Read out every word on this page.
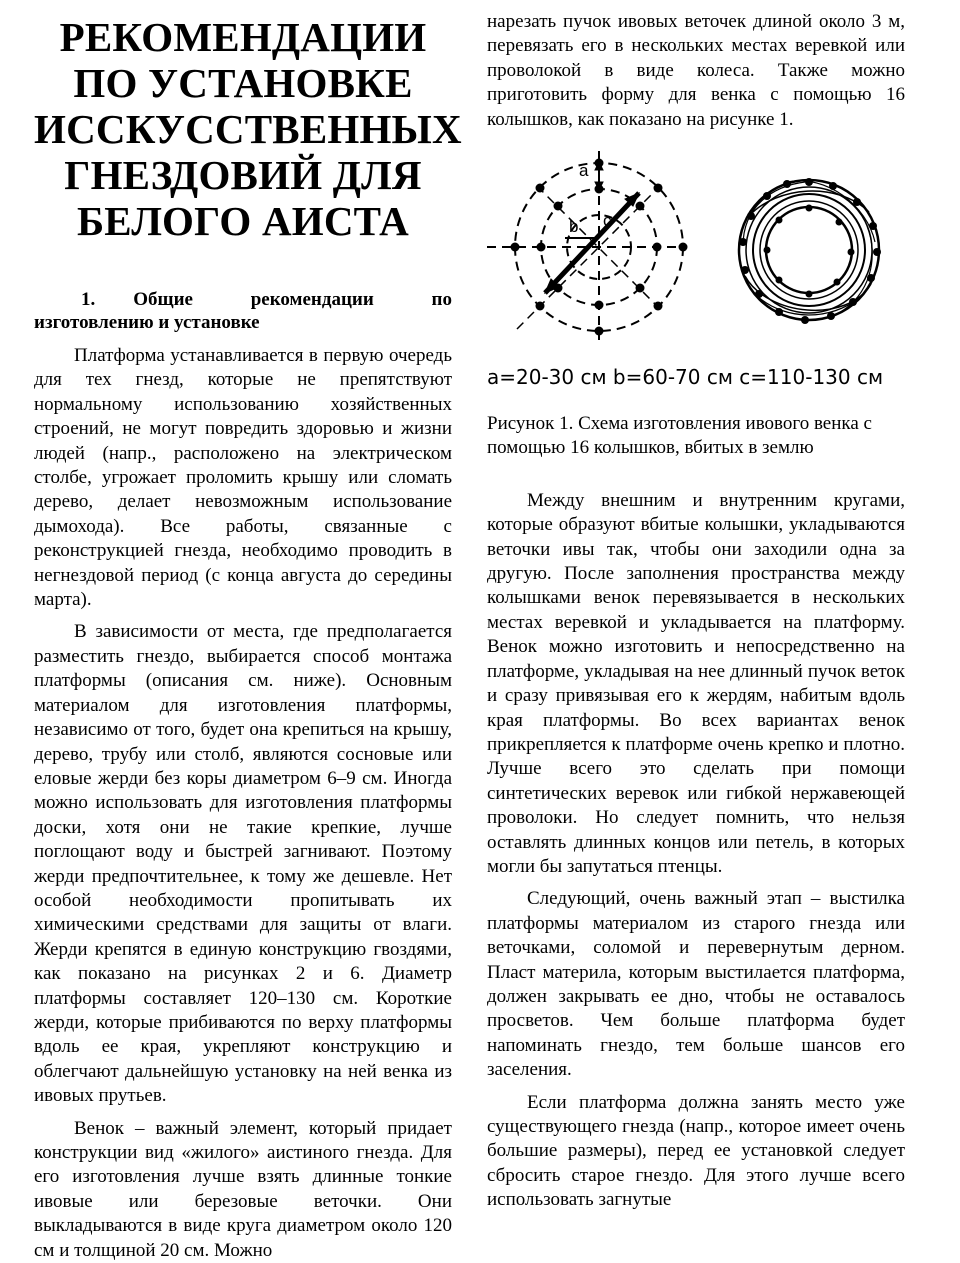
РЕКОМЕНДАЦИИ ПО УСТАНОВКЕ ИССКУССТВЕННЫХ ГНЕЗДОВИЙ ДЛЯ БЕЛОГО АИСТА
1.   Общие	рекомендации	по
изготовлению и установке

Платформа устанавливается в первую очередь для тех гнезд, которые не препятствуют нормальному использованию хозяйственных строений, не могут повредить здоровью и жизни людей (напр., расположено на электрическом столбе, угрожает проломить крышу или сломать дерево, делает невозможным использование дымохода). Все работы, связанные с реконструкцией гнезда, необходимо проводить в негнездовой период (с конца августа до середины марта).

В зависимости от места, где предполагается разместить гнездо, выбирается способ монтажа платформы (описания см. ниже). Основным материалом для изготовления платформы, независимо от того, будет она крепиться на крышу, дерево, трубу или столб, являются сосновые или еловые жерди без коры диаметром 6–9 см. Иногда можно использовать для изготовления платформы доски, хотя они не такие крепкие, лучше поглощают воду и быстрей загнивают. Поэтому жерди предпочтительнее, к тому же дешевле. Нет особой необходимости пропитывать их химическими средствами для защиты от влаги. Жерди крепятся в единую конструкцию гвоздями, как показано на рисунках 2 и 6. Диаметр платформы составляет 120–130 см. Короткие жерди, которые прибиваются по верху платформы вдоль ее края, укрепляют конструкцию и облегчают дальнейшую установку на ней венка из ивовых прутьев.

Венок – важный элемент, который придает конструкции вид «жилого» аистиного гнезда. Для его изготовления лучше взять длинные тонкие ивовые или березовые веточки. Они выкладываются в виде круга диаметром около 120 см и толщиной 20 см. Можно

нарезать пучок ивовых веточек длиной около 3 м, перевязать его в нескольких местах веревкой или проволокой в виде колеса. Также можно приготовить форму для венка с помощью 16 колышков, как показано на рисунке 1.

a
b c
a=20-30 см b=60-70 см c=110-130 см

Рисунок 1. Схема изготовления ивового венка с помощью 16 колышков, вбитых в землю

Между внешним и внутренним кругами, которые образуют вбитые колышки, укладываются веточки ивы так, чтобы они заходили одна за другую. После заполнения пространства между колышками венок перевязывается в нескольких местах веревкой и укладывается на платформу. Венок можно изготовить и непосредственно на платформе, укладывая на нее длинный пучок веток и сразу привязывая его к жердям, набитым вдоль края платформы. Во всех вариантах венок прикрепляется к платформе очень крепко и плотно. Лучше всего это сделать при помощи синтетических веревок или гибкой нержавеющей проволоки. Но следует помнить, что нельзя оставлять длинных концов или петель, в которых могли бы запутаться птенцы.

Следующий, очень важный этап – выстилка платформы материалом из старого гнезда или веточками, соломой и перевернутым дерном. Пласт материла, которым выстилается платформа, должен закрывать ее дно, чтобы не оставалось просветов. Чем больше платформа будет напоминать гнездо, тем больше шансов его заселения.

Если платформа должна занять место уже существующего гнезда (напр., которое имеет очень большие размеры), перед ее установкой следует сбросить старое гнездо. Для этого лучше всего использовать загнутые
